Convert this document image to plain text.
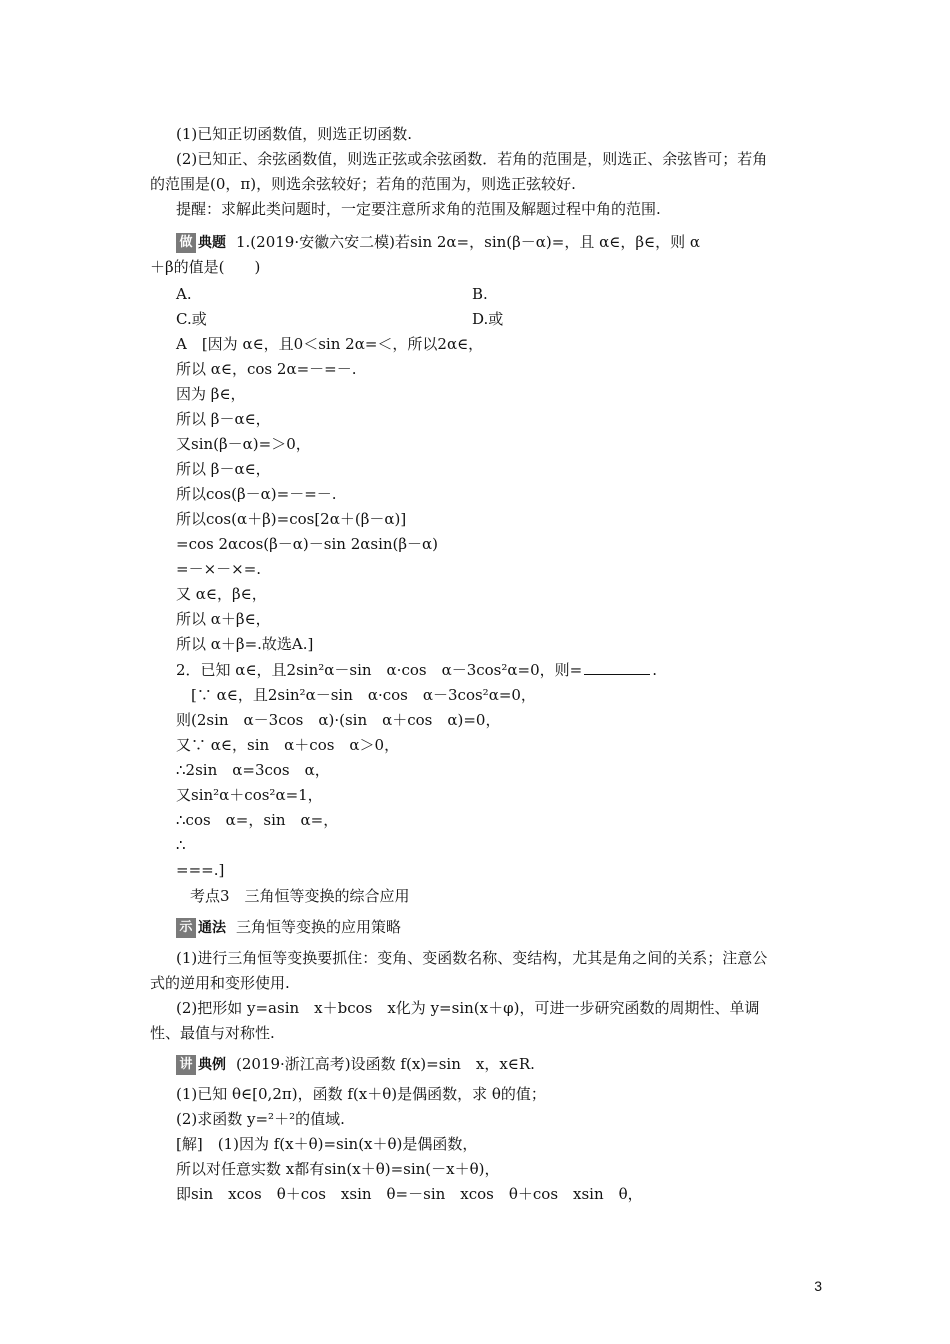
(1)已知正切函数值，则选正切函数.
(2)已知正、余弦函数值，则选正弦或余弦函数．若角的范围是，则选正、余弦皆可；若角
的范围是(0，π)，则选余弦较好；若角的范围为，则选正弦较好.
提醒：求解此类问题时，一定要注意所求角的范围及解题过程中角的范围.
做 典题 1.(2019·安徽六安二模)若sin 2α=，sin(β－α)=，且 α∈，β∈，则 α
＋β的值是(　　)
A.	B.
C.或	D.或
A　[因为 α∈，且0＜sin 2α=＜，所以2α∈，
所以 α∈，cos 2α=－=－.
因为 β∈，
所以 β－α∈，
又sin(β－α)=＞0，
所以 β－α∈，
所以cos(β－α)=－=－.
所以cos(α＋β)=cos[2α＋(β－α)]
=cos 2αcos(β－α)－sin 2αsin(β－α)
=－×－×=.
又 α∈，β∈，
所以 α＋β∈，
所以 α＋β=.故选A.]
2．已知 α∈，且2sin²α－sin　α·cos　α－3cos²α=0，则=	.
　[∵ α∈，且2sin²α－sin　α·cos　α－3cos²α=0，
则(2sin　α－3cos　α)·(sin　α＋cos　α)=0，
又∵ α∈，sin　α＋cos　α＞0，
∴2sin　α=3cos　α，
又sin²α＋cos²α=1，
∴cos　α=，sin　α=，
∴
===.]
考点3　三角恒等变换的综合应用
示 通法 三角恒等变换的应用策略
(1)进行三角恒等变换要抓住：变角、变函数名称、变结构，尤其是角之间的关系；注意公
式的逆用和变形使用.
(2)把形如 y=asin　x＋bcos　x化为 y=sin(x＋φ)，可进一步研究函数的周期性、单调
性、最值与对称性.
讲 典例 (2019·浙江高考)设函数 f(x)=sin　x，x∈R.
(1)已知 θ∈[0,2π)，函数 f(x＋θ)是偶函数，求 θ的值；
(2)求函数 y=²＋²的值域.
[解]　(1)因为 f(x＋θ)=sin(x＋θ)是偶函数，
所以对任意实数 x都有sin(x＋θ)=sin(－x＋θ)，
即sin　xcos　θ＋cos　xsin　θ=－sin　xcos　θ＋cos　xsin　θ，
3
